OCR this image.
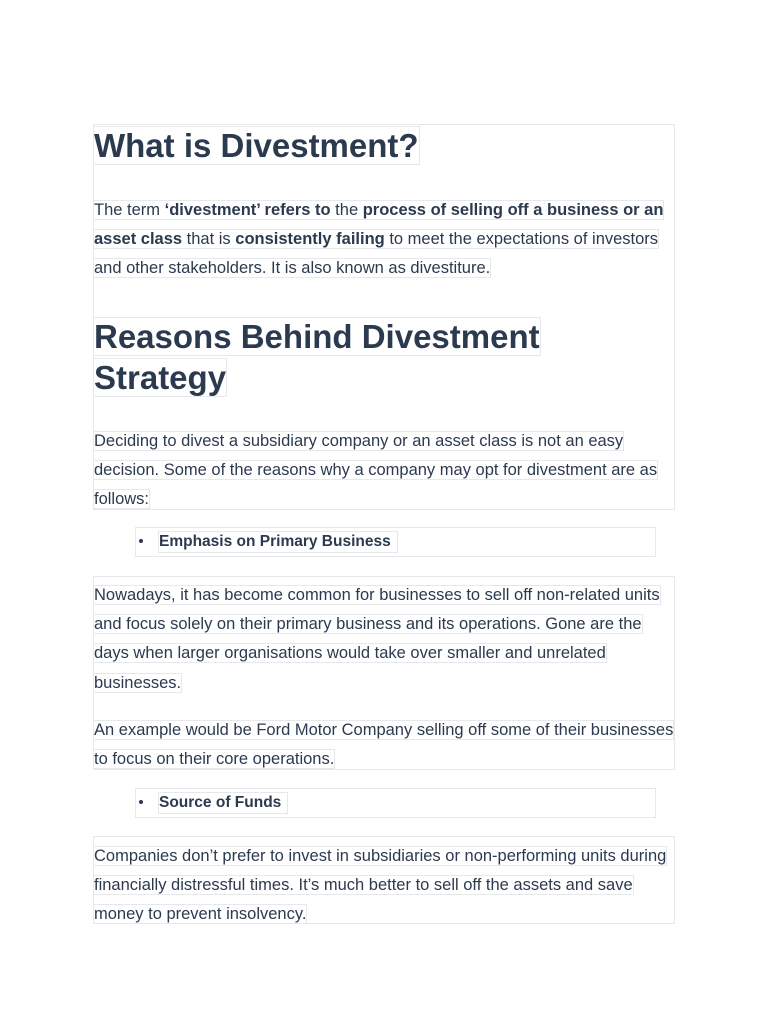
What is Divestment?

The term ‘divestment’ refers to the process of selling off a business or an asset class that is consistently failing to meet the expectations of investors and other stakeholders. It is also known as divestiture.

Reasons Behind Divestment Strategy

Deciding to divest a subsidiary company or an asset class is not an easy decision. Some of the reasons why a company may opt for divestment are as follows:

Emphasis on Primary Business

Nowadays, it has become common for businesses to sell off non-related units and focus solely on their primary business and its operations. Gone are the days when larger organisations would take over smaller and unrelated businesses.

An example would be Ford Motor Company selling off some of their businesses to focus on their core operations.

Source of Funds

Companies don’t prefer to invest in subsidiaries or non-performing units during financially distressful times. It’s much better to sell off the assets and save money to prevent insolvency.
